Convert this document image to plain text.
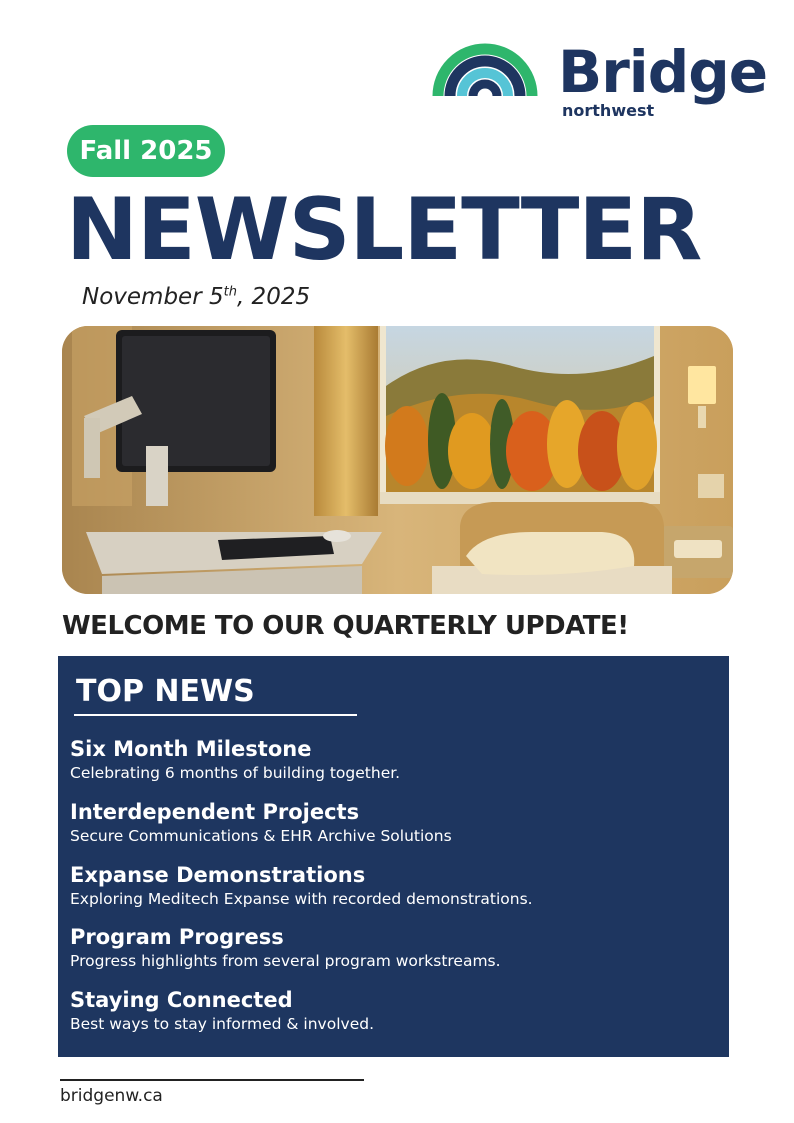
Bridge
northwest
Fall 2025
NEWSLETTER
November 5th, 2025
WELCOME TO OUR QUARTERLY UPDATE!
TOP NEWS
Six Month Milestone
Celebrating 6 months of building together.
Interdependent Projects
Secure Communications & EHR Archive Solutions
Expanse Demonstrations
Exploring Meditech Expanse with recorded demonstrations.
Program Progress
Progress highlights from several program workstreams.
Staying Connected
Best ways to stay informed & involved.
bridgenw.ca
